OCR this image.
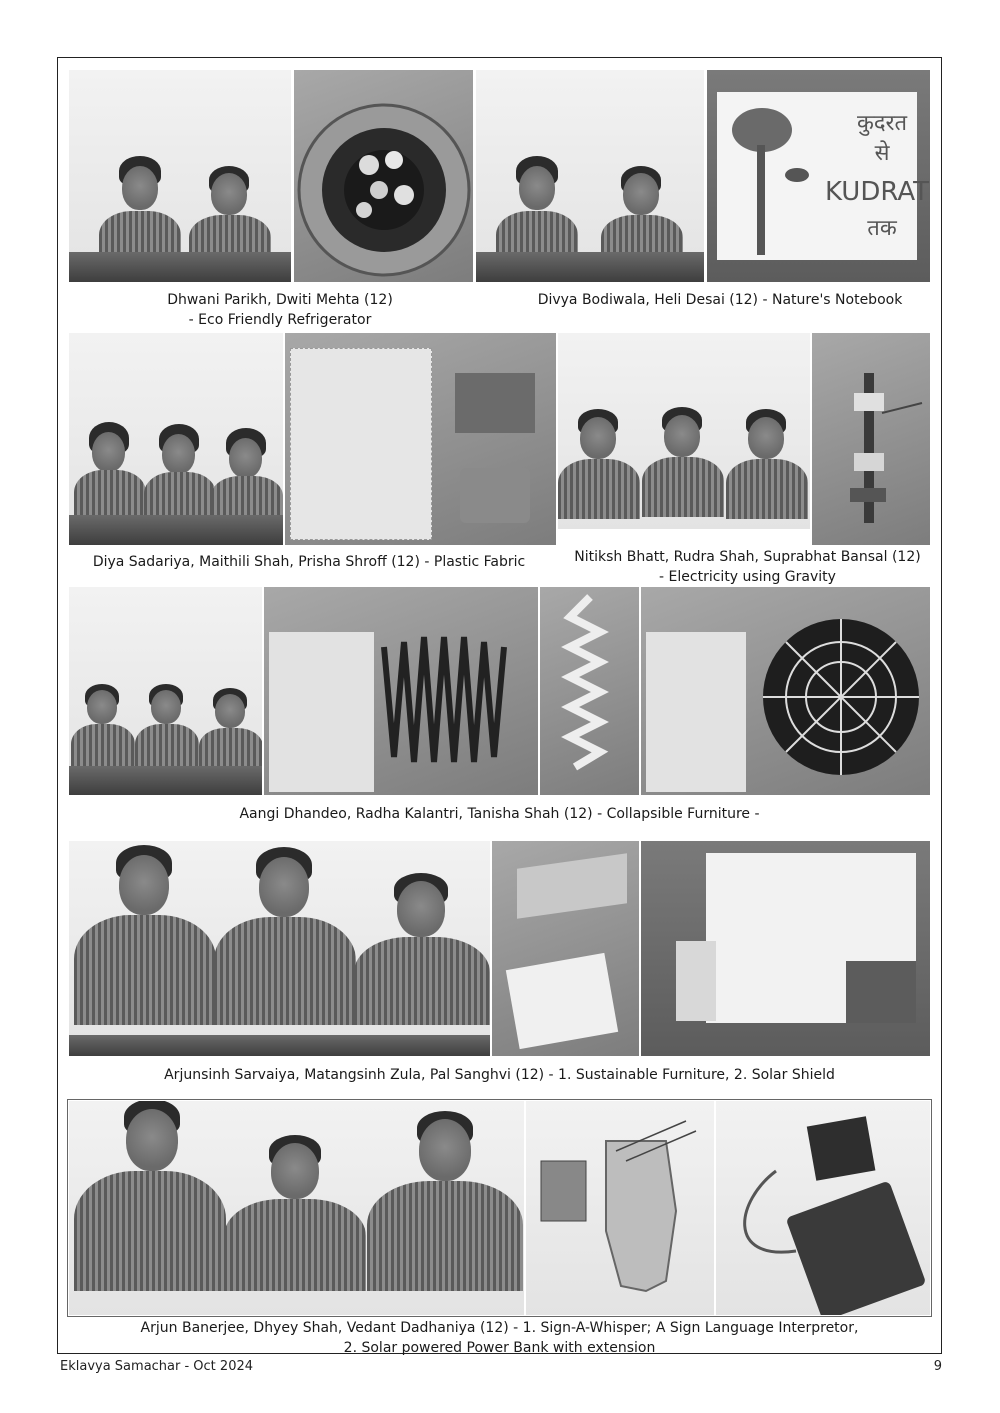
कुदरत
से
KUDRAT
तक
Dhwani Parikh, Dwiti Mehta (12)
- Eco Friendly Refrigerator
Divya Bodiwala, Heli Desai (12) - Nature's Notebook
Diya Sadariya, Maithili Shah, Prisha Shroff (12) - Plastic Fabric	Nitiksh Bhatt, Rudra Shah, Suprabhat Bansal (12)
- Electricity using Gravity
Aangi Dhandeo, Radha Kalantri, Tanisha Shah (12) - Collapsible Furniture -
Arjunsinh Sarvaiya, Matangsinh Zula, Pal Sanghvi (12) - 1. Sustainable Furniture, 2. Solar Shield
Arjun Banerjee, Dhyey Shah, Vedant Dadhaniya (12) - 1. Sign-A-Whisper; A Sign Language Interpretor,
2. Solar powered Power Bank with extension
Eklavya Samachar - Oct 2024	9
